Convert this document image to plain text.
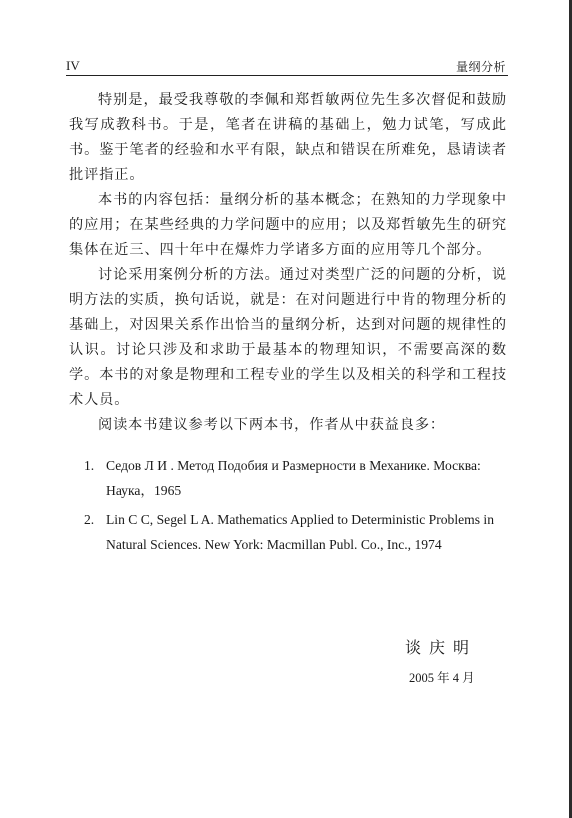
IV	量纲分析

特别是，最受我尊敬的李佩和郑哲敏两位先生多次督促和鼓励我写成教科书。于是，笔者在讲稿的基础上，勉力试笔，写成此书。鉴于笔者的经验和水平有限，缺点和错误在所难免，恳请读者批评指正。

本书的内容包括：量纲分析的基本概念；在熟知的力学现象中的应用；在某些经典的力学问题中的应用；以及郑哲敏先生的研究集体在近三、四十年中在爆炸力学诸多方面的应用等几个部分。

讨论采用案例分析的方法。通过对类型广泛的问题的分析，说明方法的实质，换句话说，就是：在对问题进行中肯的物理分析的基础上，对因果关系作出恰当的量纲分析，达到对问题的规律性的认识。讨论只涉及和求助于最基本的物理知识，不需要高深的数学。本书的对象是物理和工程专业的学生以及相关的科学和工程技术人员。

阅读本书建议参考以下两本书，作者从中获益良多：

1. Седов Л И . Метод Подобия и Размерности в Механике. Москва: Наука，1965
2. Lin C C, Segel L A. Mathematics Applied to Deterministic Problems in Natural Sciences. New York: Macmillan Publ. Co., Inc., 1974
谈庆明
2005 年 4 月
